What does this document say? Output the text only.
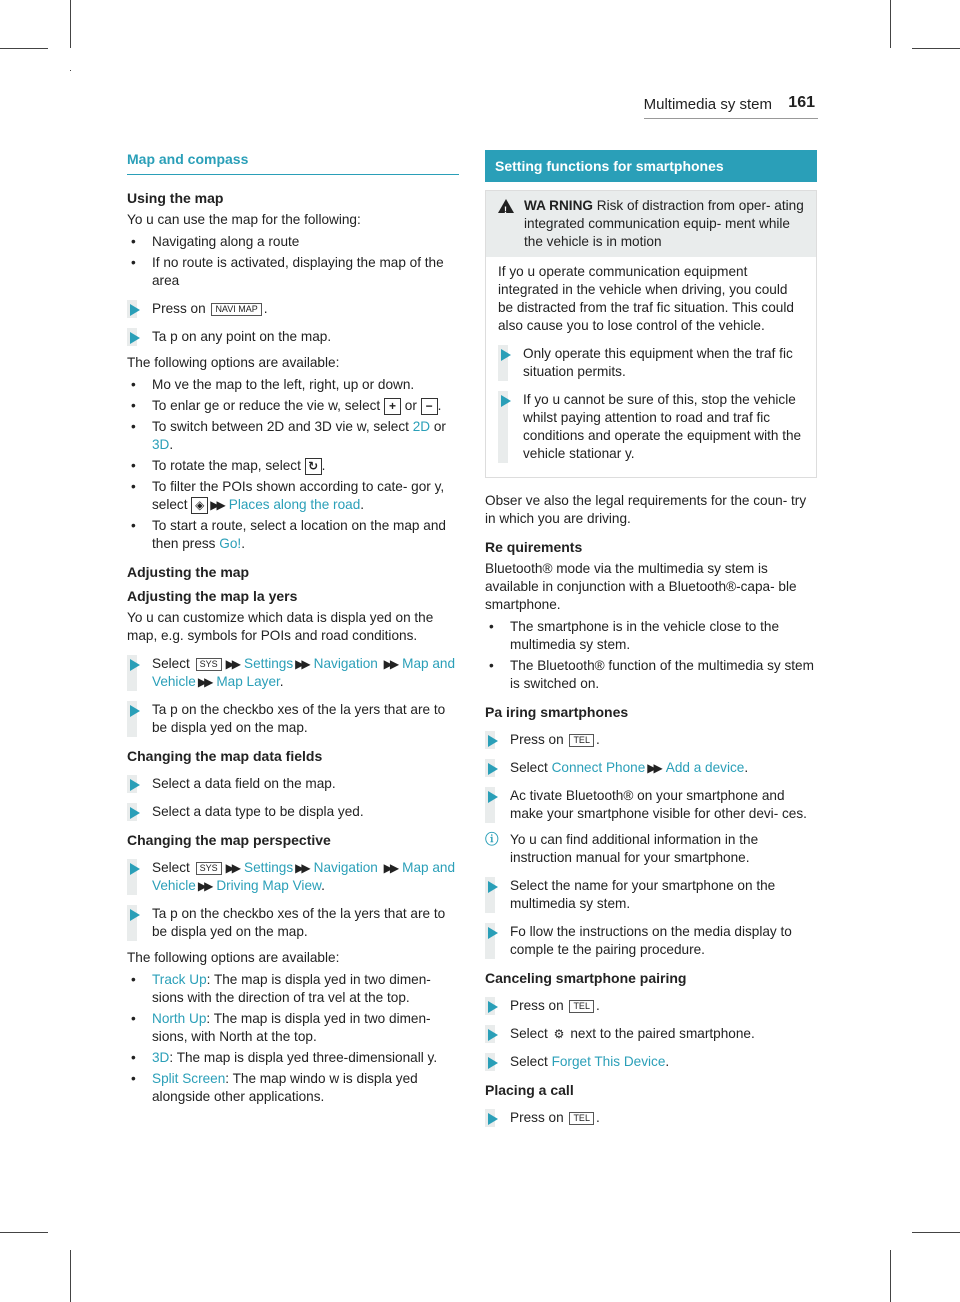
Multimedia sy stem 161
Map and compass
Using the map
Yo u can use the map for the following:
• Navigating along a route
• If no route is activated, displaying the map of the area
Press on NAVI MAP .
Ta p on any point on the map.
The following options are available:
• Mo ve the map to the left, right, up or down.
• To enlar ge or reduce the vie w, select + or − .
• To switch between 2D and 3D vie w, select 2D or 3D.
• To rotate the map, select ↻ .
• To filter the POIs shown according to cate‐ gor y, select ◈ ▶▶ Places along the road.
• To start a route, select a location on the map and then press Go!.
Adjusting the map
Adjusting the map la yers
Yo u can customize which data is displa yed on the map, e.g. symbols for POIs and road conditions.
Select SYS ▶▶ Settings ▶▶ Navigation ▶▶ Map and Vehicle ▶▶ Map Layer.
Ta p on the checkbo xes of the la yers that are to be displa yed on the map.
Changing the map data fields
Select a data field on the map.
Select a data type to be displa yed.
Changing the map perspective
Select SYS ▶▶ Settings ▶▶ Navigation ▶▶ Map and Vehicle ▶▶ Driving Map View.
Ta p on the checkbo xes of the la yers that are to be displa yed on the map.
The following options are available:
• Track Up: The map is displa yed in two dimen‐ sions with the direction of tra vel at the top.
• North Up: The map is displa yed in two dimen‐ sions, with North at the top.
• 3D: The map is displa yed three-dimensionall y.
• Split Screen: The map windo w is displa yed alongside other applications.
Setting functions for smartphones
!
WA RNING Risk of distraction from oper‐ ating integrated communication equip‐ ment while the vehicle is in motion
If yo u operate communication equipment integrated in the vehicle when driving, you could be distracted from the traf fic situation. This could also cause you to lose control of the vehicle.
Only operate this equipment when the traf fic situation permits.
If yo u cannot be sure of this, stop the vehicle whilst paying attention to road and traf fic conditions and operate the equipment with the vehicle stationar y.
Obser ve also the legal requirements for the coun‐ try in which you are driving.
Re quirements
Bluetooth® mode via the multimedia sy stem is available in conjunction with a Bluetooth®-capa‐ ble smartphone.
• The smartphone is in the vehicle close to the multimedia sy stem.
• The Bluetooth® function of the multimedia sy stem is switched on.
Pa iring smartphones
Press on TEL .
Select Connect Phone ▶▶ Add a device.
Ac tivate Bluetooth® on your smartphone and make your smartphone visible for other devi‐ ces.
ⓘ Yo u can find additional information in the instruction manual for your smartphone.
Select the name for your smartphone on the multimedia sy stem.
Fo llow the instructions on the media display to comple te the pairing procedure.
Canceling smartphone pairing
Press on TEL .
Select ⚙ next to the paired smartphone.
Select Forget This Device.
Placing a call
Press on TEL .
